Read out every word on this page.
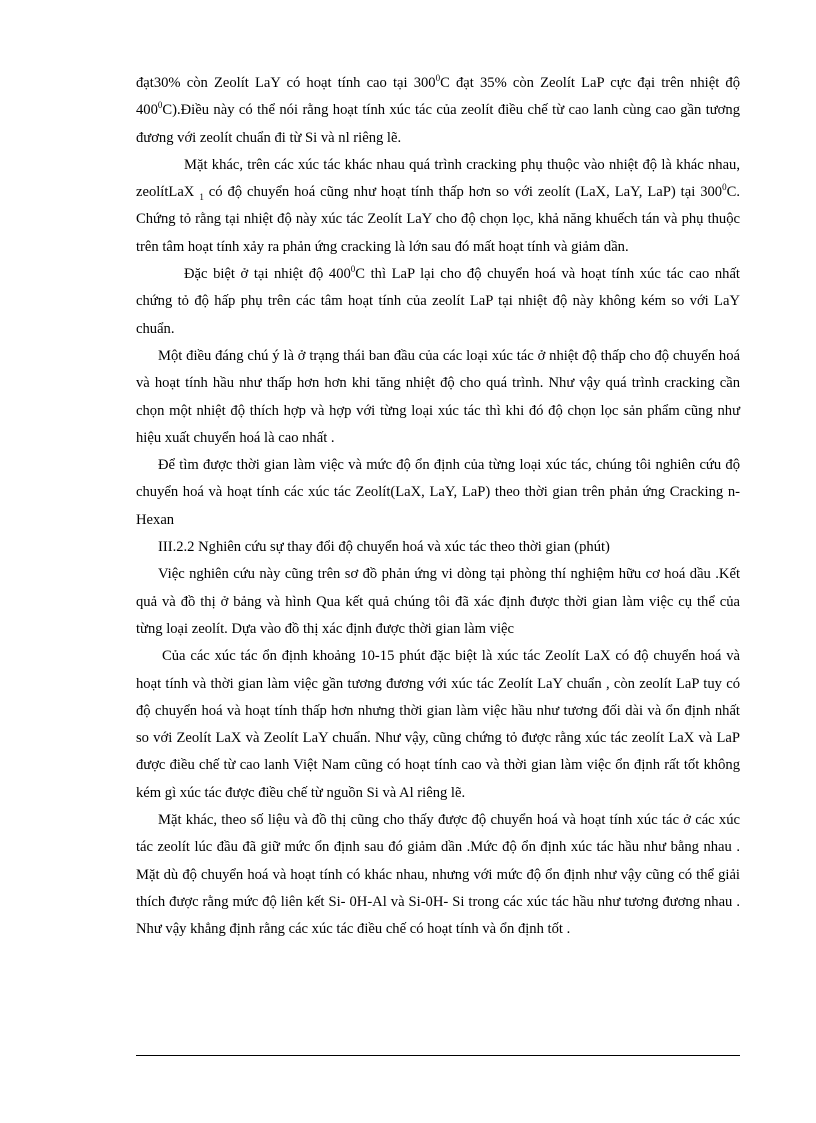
đạt30% còn Zeolít LaY có hoạt tính cao tại $300^0C$ đạt 35% còn Zeolít LaP cực đại trên nhiệt độ $400^0C).Điều$ này có thể nói rằng hoạt tính xúc tác của zeolít điều chế từ cao lanh cùng cao gần tương đương với zeolít chuẩn đi từ Si và nl riêng lẽ.

Mặt khác, trên các xúc tác khác nhau quá trình cracking phụ thuộc vào nhiệt độ là khác nhau, zeolítLaX $_1$ có độ chuyển hoá cũng như hoạt tính thấp hơn so với zeolít (LaX, LaY, LaP) tại $300^0C$. Chứng tỏ rằng tại nhiệt độ này xúc tác Zeolít LaY cho độ chọn lọc, khả năng khuếch tán và phụ thuộc trên tâm hoạt tính xảy ra phản ứng cracking là lớn sau đó mất hoạt tính và giảm dần.

Đặc biệt ở tại nhiệt độ $400^0C$ thì LaP lại cho độ chuyển hoá và hoạt tính xúc tác cao nhất chứng tỏ độ hấp phụ trên các tâm hoạt tính của zeolít LaP tại nhiệt độ này không kém so với LaY chuẩn.

Một điều đáng chú ý là ở trạng thái ban đầu của các loại xúc tác ở nhiệt độ thấp cho độ chuyển hoá và hoạt tính hầu như thấp hơn hơn khi tăng nhiệt độ cho quá trình. Như vậy quá trình cracking cần chọn một nhiệt độ thích hợp và hợp với từng loại xúc tác thì khi đó độ chọn lọc sản phẩm cũng như hiệu xuất chuyển hoá là cao nhất .

Để tìm được thời gian làm việc và mức độ ổn định của từng loại xúc tác, chúng tôi nghiên cứu độ chuyển hoá và hoạt tính các xúc tác Zeolít(LaX, LaY, LaP) theo thời gian trên phản ứng Cracking n- Hexan

III.2.2 Nghiên cứu sự thay đổi độ chuyển hoá và xúc tác theo thời gian (phút)

Việc nghiên cứu này cũng trên sơ đồ phản ứng vi dòng tại phòng thí nghiệm hữu cơ hoá dầu .Kết quả và đồ thị ở bảng và hình Qua kết quả chúng tôi đã xác định được thời gian làm việc cụ thể của từng loại zeolít. Dựa vào đồ thị xác định được thời gian làm việc

Của các xúc tác ổn định khoảng 10-15 phút đặc biệt là xúc tác Zeolít LaX có độ chuyển hoá và hoạt tính và thời gian làm việc gần tương đương với xúc tác Zeolít LaY chuẩn , còn zeolít LaP tuy có độ chuyển hoá và hoạt tính thấp hơn nhưng thời gian làm việc hầu như tương đối dài và ổn định nhất so với Zeolít LaX và Zeolít LaY chuẩn. Như vậy, cũng chứng tỏ được rằng xúc tác zeolít LaX và LaP được điều chế từ cao lanh Việt Nam cũng có hoạt tính cao và thời gian làm việc ổn định rất tốt không kém gì xúc tác được điều chế từ nguồn Si và Al riêng lẽ.

Mặt khác, theo số liệu và đồ thị cũng cho thấy được độ chuyển hoá và hoạt tính xúc tác ở các xúc tác zeolít lúc đầu đã giữ mức ổn định sau đó giảm dần .Mức độ ổn định xúc tác hầu như bằng nhau . Mặt dù độ chuyển hoá và hoạt tính có khác nhau, nhưng với mức độ ổn định như vậy cũng có thể giải thích được rằng mức độ liên kết Si- 0H-Al và Si-0H- Si trong các xúc tác hầu như tương đương nhau . Như vậy khẳng định rằng các xúc tác điều chế có hoạt tính và ổn định tốt .
